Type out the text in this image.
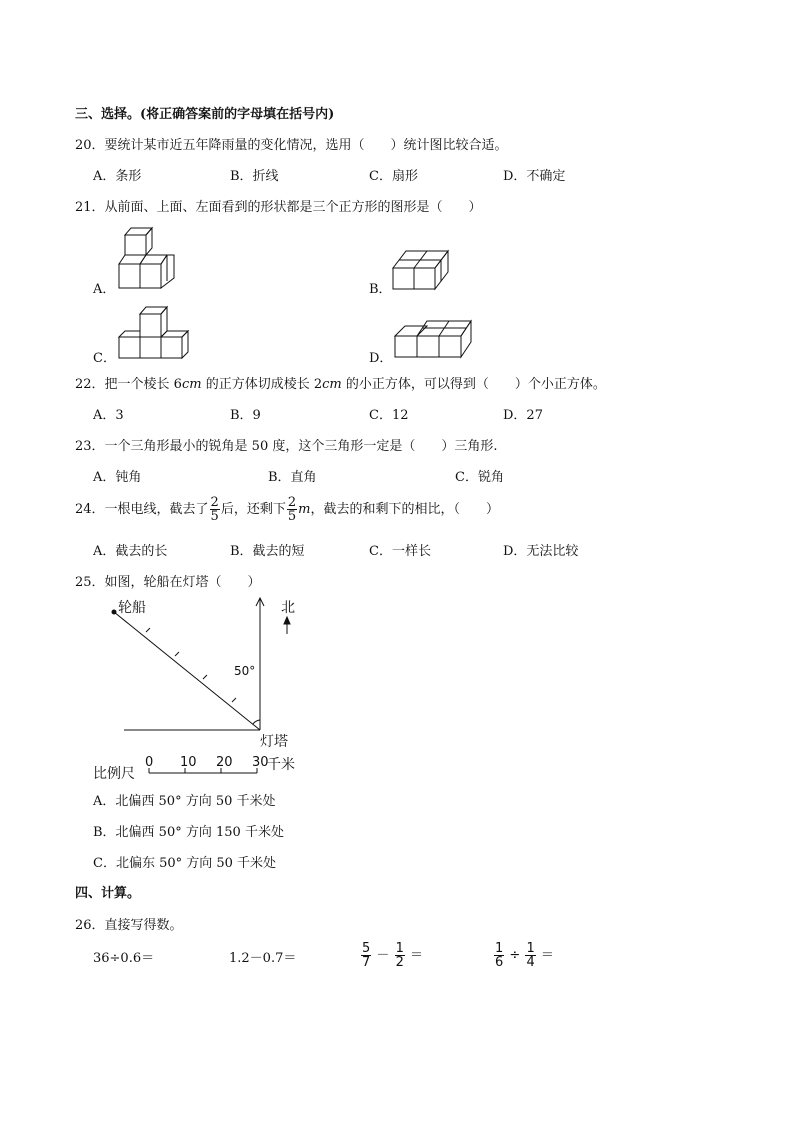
三、选择。(将正确答案前的字母填在括号内)
20．要统计某市近五年降雨量的变化情况，选用（　　）统计图比较合适。
A．条形	B．折线	C．扇形	D．不确定
21．从前面、上面、左面看到的形状都是三个正方形的图形是（　　）
A．	B．
C．	D．
22．把一个棱长 6cm 的正方体切成棱长 2cm 的小正方体，可以得到（　　）个小正方体。
A．3	B．9	C．12	D．27
23．一个三角形最小的锐角是 50 度，这个三角形一定是（　　）三角形.
A．钝角	B．直角	C．锐角
24．一根电线，截去了 $\frac{2}{5}$ 后，还剩下 $\frac{2}{5}$ m，截去的和剩下的相比，（　　）
A．截去的长	B．截去的短	C．一样长	D．无法比较
25．如图，轮船在灯塔（　　）
轮船	北
50°
灯塔
比例尺
0 10 20 30
千米
A．北偏西 50° 方向 50 千米处
B．北偏西 50° 方向 150 千米处
C．北偏东 50° 方向 50 千米处
四、计算。
26．直接写得数。
36÷0.6＝	1.2－0.7＝	$\frac{5}{7} - \frac{1}{2}$ ＝	$\frac{1}{6} \div \frac{1}{4}$ ＝
